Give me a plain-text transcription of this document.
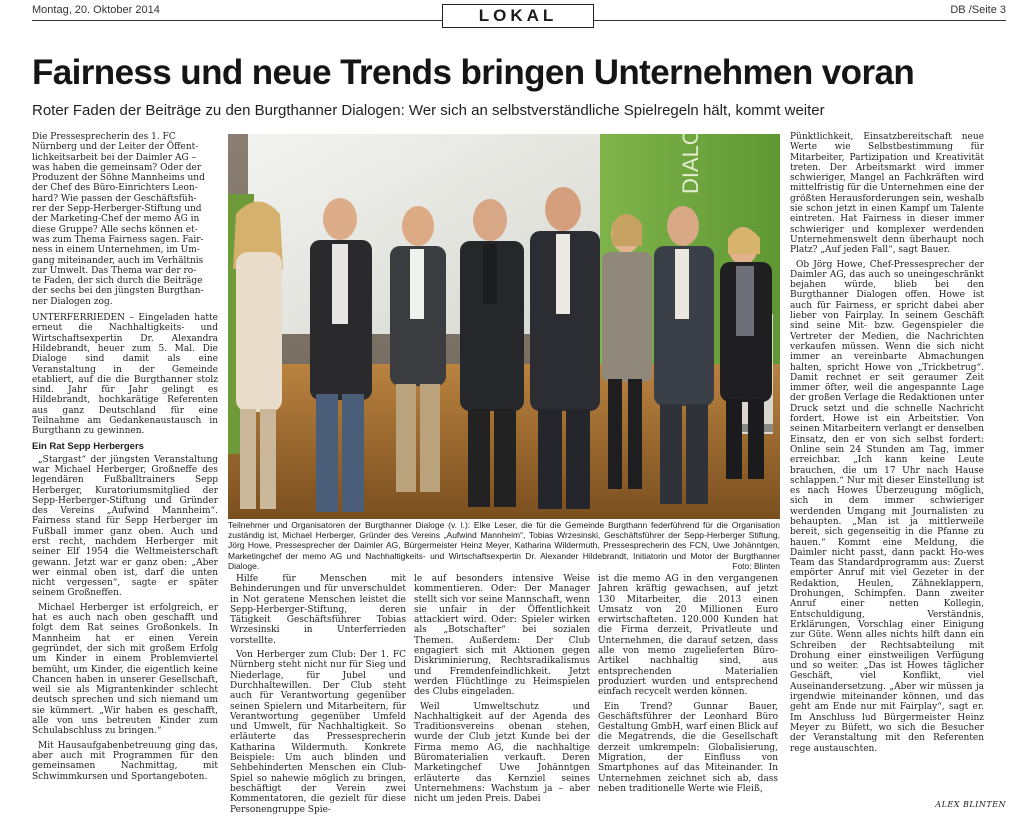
Montag, 20. Oktober 2014	LOKAL	DB /Seite 3
Fairness und neue Trends bringen Unternehmen voran
Roter Faden der Beiträge zu den Burgthanner Dialogen: Wer sich an selbstverständliche Spielregeln hält, kommt weiter
Die Pressesprecherin des 1. FC
Nürnberg und der Leiter der Öffent-
lichkeitsarbeit bei der Daimler AG –
was haben die gemeinsam? Oder der
Produzent der Söhne Mannheims und
der Chef des Büro-Einrichters Leon-
hard? Wie passen der Geschäftsfüh-
rer der Sepp-Herberger-Stiftung und
der Marketing-Chef der memo AG in
diese Gruppe? Alle sechs können et-
was zum Thema Fairness sagen. Fair-
ness in einem Unternehmen, im Um-
gang miteinander, auch im Verhältnis
zur Umwelt. Das Thema war der ro-
te Faden, der sich durch die Beiträge
der sechs bei den jüngsten Burgthan-
ner Dialogen zog.

UNTERFERRIEDEN – Eingeladen hatte erneut die Nachhaltigkeits- und Wirtschaftsexpertin Dr. Alexandra Hildebrandt, heuer zum 5. Mal. Die Dialoge sind damit als eine Veranstaltung in der Gemeinde etabliert, auf die die Burgthanner stolz sind. Jahr für Jahr gelingt es Hildebrandt, hochkarätige Referenten aus ganz Deutschland für eine Teilnahme am Gedankenaustausch in Burgthann zu gewinnen.

Ein Rat Sepp Herbergers

„Stargast“ der jüngsten Veranstaltung war Michael Herberger, Großneffe des legendären Fußballtrainers Sepp Herberger, Kuratoriumsmitglied der Sepp-Herberger-Stiftung und Gründer des Vereins „Aufwind Mannheim“. Fairness stand für Sepp Herberger im Fußball immer ganz oben. Auch und erst recht, nachdem Herberger mit seiner Elf 1954 die Weltmeisterschaft gewann. Jetzt war er ganz oben: „Aber wer einmal oben ist, darf die unten nicht vergessen“, sagte er später seinem Großneffen.

Michael Herberger ist erfolgreich, er hat es auch nach oben geschafft und folgt dem Rat seines Großonkels. In Mannheim hat er einen Verein gegründet, der sich mit großem Erfolg um Kinder in einem Problemviertel bemüht, um Kinder, die eigentlich keine Chancen haben in unserer Gesellschaft, weil sie als Migrantenkinder schlecht deutsch sprechen und sich niemand um sie kümmert. „Wir haben es geschafft, alle von uns betreuten Kinder zum Schulabschluss zu bringen.“

Mit Hausaufgabenbetreuung ging das, aber auch mit Programmen für den gemeinsamen Nachmittag, mit Schwimmkursen und Sportangeboten.

DIALOG
Teilnehmer und Organisatoren der Burgthanner Dialoge (v. l.): Elke Leser, die für die Gemeinde Burgthann federführend für die Organisation zuständig ist, Michael Herberger, Gründer des Vereins „Aufwind Mannheim“, Tobias Wrzesinski, Geschäftsführer der Sepp-Herberger Stiftung, Jörg Howe, Pressesprecher der Daimler AG, Bürgermeister Heinz Meyer, Katharina Wildermuth, Pressesprecherin des FCN, Uwe Johänntgen, Marketingchef der memo AG und Nachhaltigkeits- und Wirtschaftsexpertin Dr. Alexander Hildebrandt, Initiatorin und Motor der Burgthanner Dialoge.	Foto: Blinten

Hilfe für Menschen mit Behinderungen und für unverschuldet in Not geratene Menschen leistet die Sepp-Herberger-Stiftung, deren Tätigkeit Geschäftsführer Tobias Wrzesinski in Unterferrieden vorstellte.

Von Herberger zum Club: Der 1. FC Nürnberg steht nicht nur für Sieg und Niederlage, für Jubel und Durchhaltewillen. Der Club steht auch für Verantwortung gegenüber seinen Spielern und Mitarbeitern, für Verantwortung gegenüber Umfeld und Umwelt, für Nachhaltigkeit. So erläuterte das Pressesprecherin Katharina Wildermuth. Konkrete Beispiele: Um auch blinden und Sehbehinderten Menschen ein Club-Spiel so nahewie möglich zu bringen, beschäftigt der Verein zwei Kommentatoren, die gezielt für diese Personengruppe Spie-

le auf besonders intensive Weise kommentieren. Oder: Der Manager stellt sich vor seine Mannschaft, wenn sie unfair in der Öffentlichkeit attackiert wird. Oder: Spieler wirken als „Botschafter“ bei sozialen Themen. Außerdem: Der Club engagiert sich mit Aktionen gegen Diskriminierung, Rechtsradikalismus und Fremdenfeindlichkeit. Jetzt werden Flüchtlinge zu Heimspielen des Clubs eingeladen.

Weil Umweltschutz und Nachhaltigkeit auf der Agenda des Traditionsvereins obenan stehen, wurde der Club jetzt Kunde bei der Firma memo AG, die nachhaltige Büromaterialien verkauft. Deren Marketingchef Uwe Johänntgen erläuterte das Kernziel seines Unternehmens: Wachstum ja – aber nicht um jeden Preis. Dabei

ist die memo AG in den vergangenen Jahren kräftig gewachsen, auf jetzt 130 Mitarbeiter, die 2013 einen Umsatz von 20 Millionen Euro erwirtschafteten. 120.000 Kunden hat die Firma derzeit, Privatleute und Unternehmen, die darauf setzen, dass alle von memo zugelieferten Büro-Artikel nachhaltig sind, aus entsprechenden Materialien produziert wurden und entsprechend einfach recycelt werden können.

Ein Trend? Gunnar Bauer, Geschäftsführer der Leonhard Büro Gestaltung GmbH, warf einen Blick auf die Megatrends, die die Gesellschaft derzeit umkrempeln: Globalisierung, Migration, der Einfluss von Smartphones auf das Miteinander. In Unternehmen zeichnet sich ab, dass neben traditionelle Werte wie Fleiß,

Pünktlichkeit, Einsatzbereitschaft neue Werte wie Selbstbestimmung für Mitarbeiter, Partizipation und Kreativität treten. Der Arbeitsmarkt wird immer schwieriger, Mangel an Fachkräften wird mittelfristig für die Unternehmen eine der größten Herausforderungen sein, weshalb sie schon jetzt in einen Kampf um Talente eintreten. Hat Fairness in dieser immer schwieriger und komplexer werdenden Unternehmenswelt denn überhaupt noch Platz? „Auf jeden Fall“, sagt Bauer.

Ob Jörg Howe, Chef-Pressesprecher der Daimler AG, das auch so uneingeschränkt bejahen würde, blieb bei den Burgthanner Dialogen offen. Howe ist auch für Fairness, er spricht dabei aber lieber von Fairplay. In seinem Geschäft sind seine Mit- bzw. Gegenspieler die Vertreter der Medien, die Nachrichten verkaufen müssen. Wenn die sich nicht immer an vereinbarte Abmachungen halten, spricht Howe von „Trickbetrug“. Damit rechnet er seit geraumer Zeit immer öfter, weil die angespannte Lage der großen Verlage die Redaktionen unter Druck setzt und die schnelle Nachricht fordert. Howe ist ein Arbeitstier. Von seinen Mitarbeitern verlangt er denselben Einsatz, den er von sich selbst fordert: Online sein 24 Stunden am Tag, immer erreichbar. „Ich kann keine Leute brauchen, die um 17 Uhr nach Hause schlappen.“ Nur mit dieser Einstellung ist es nach Howes Überzeugung möglich, sich in dem immer schwieriger werdenden Umgang mit Journalisten zu behaupten. „Man ist ja mittlerweile bereit, sich gegenseitig in die Pfanne zu hauen.“ Kommt eine Meldung, die Daimler nicht passt, dann packt Ho-wes Team das Standardprogramm aus: Zuerst empörter Anruf mit viel Gezeter in der Redaktion, Heulen, Zähneklappern, Drohungen, Schimpfen. Dann zweiter Anruf einer netten Kollegin, Entschuldigung, Verständnis, Erklärungen, Vorschlag einer Einigung zur Güte. Wenn alles nichts hilft dann ein Schreiben der Rechtsabteilung mit Drohung einer einstweiligen Verfügung und so weiter. „Das ist Howes täglicher Geschäft, viel Konflikt, viel Auseinandersetzung. „Aber wir müssen ja irgendwie miteinander können, und das geht am Ende nur mit Fairplay“, sagt er. Im Anschluss lud Bürgermeister Heinz Meyer zu Büfett, wo sich die Besucher der Veranstaltung mit den Referenten rege austauschten.

ALEX BLINTEN
